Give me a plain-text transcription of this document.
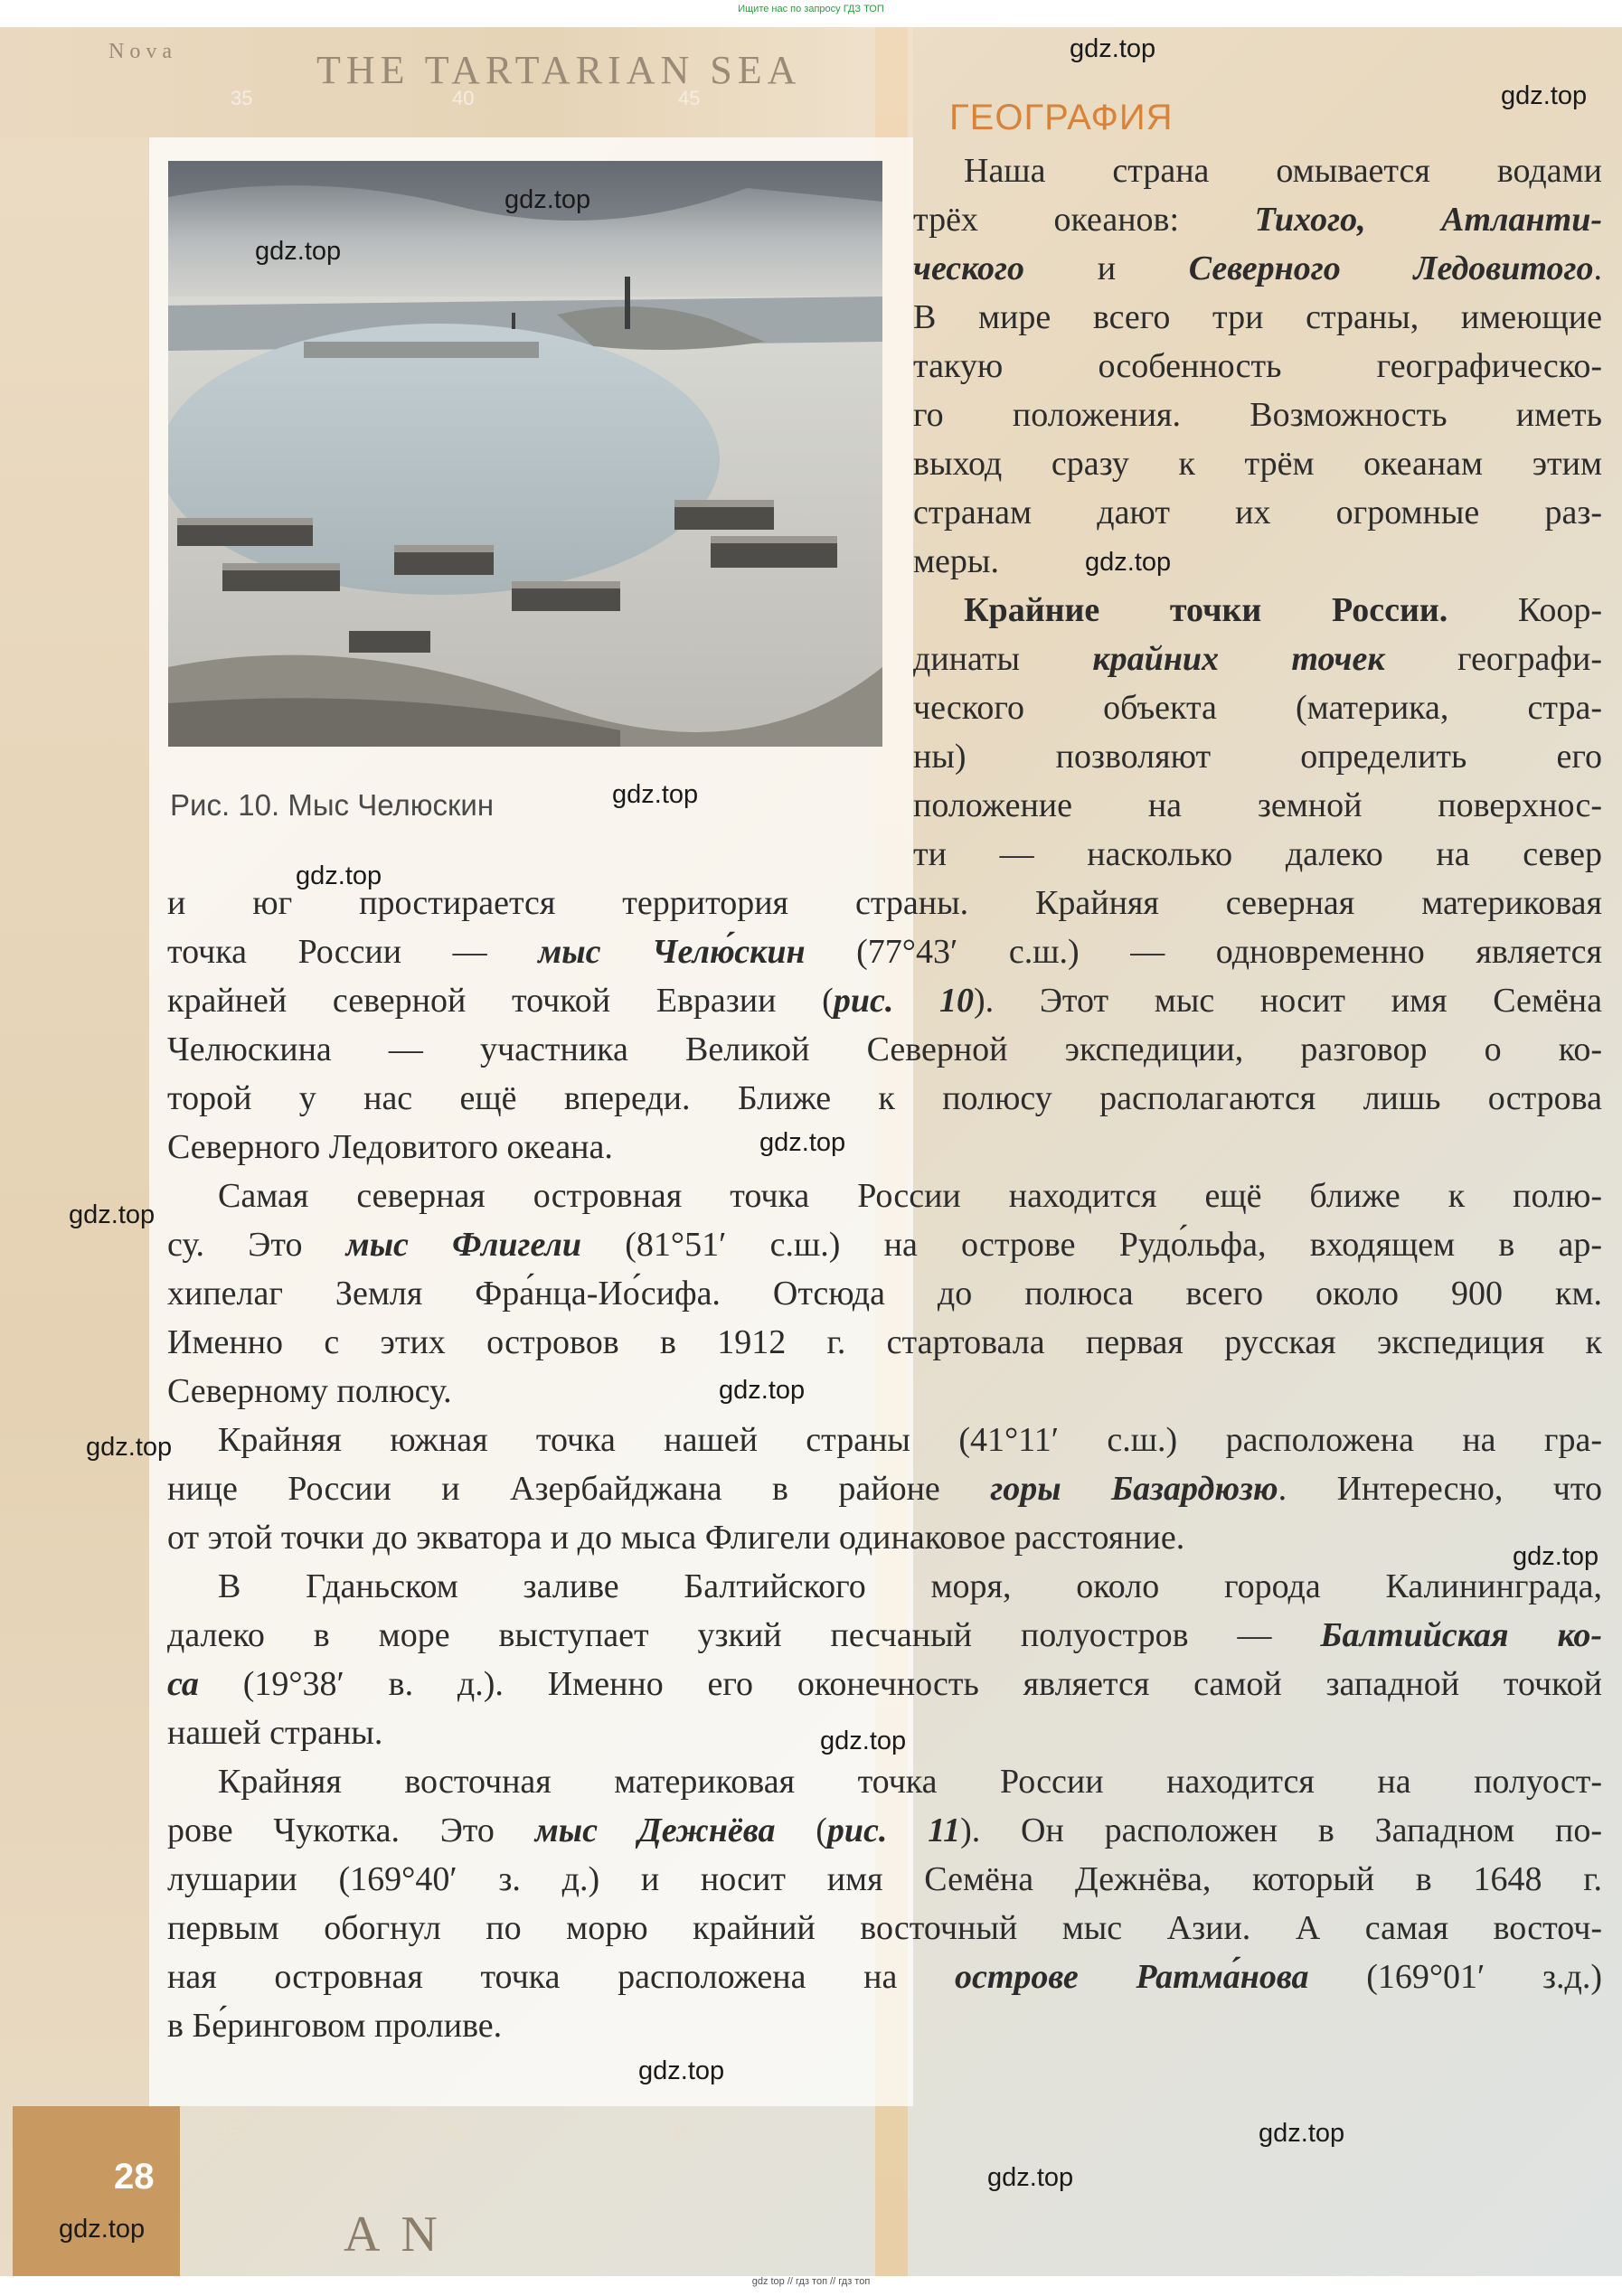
Ищите нас по запросу ГДЗ ТОП
Nova	THE TARTARIAN SEA
35	40	45
28
35	40	45
A N
ГЕОГРАФИЯ
Рис. 10. Мыс Челюскин

Наша страна омывается водами

трёх океанов: Тихого, Атланти-

ческого и Северного Ледовитого.

В мире всего три страны, имеющие

такую особенность географическо-

го положения. Возможность иметь

выход сразу к трём океанам этим

странам дают их огромные раз-

меры.

Крайние точки России. Коор-

динаты крайних точек географи-

ческого объекта (материка, стра-

ны) позволяют определить его

положение на земной поверхнос-

ти — насколько далеко на север

и юг простирается территория страны. Крайняя северная материковая

точка России — мыс Челю́скин (77°43′ с.ш.) — одновременно является

крайней северной точкой Евразии (рис. 10). Этот мыс носит имя Семёна

Челюскина — участника Великой Северной экспедиции, разговор о ко-

торой у нас ещё впереди. Ближе к полюсу располагаются лишь острова

Северного Ледовитого океана.

Самая северная островная точка России находится ещё ближе к полю-

су. Это мыс Флигели (81°51′ с.ш.) на острове Рудо́льфа, входящем в ар-

хипелаг Земля Фра́нца-Ио́сифа. Отсюда до полюса всего около 900 км.

Именно с этих островов в 1912 г. стартовала первая русская экспедиция к

Северному полюсу.

Крайняя южная точка нашей страны (41°11′ с.ш.) расположена на гра-

нице России и Азербайджана в районе горы Базардюзю. Интересно, что

от этой точки до экватора и до мыса Флигели одинаковое расстояние.

В Гданьском заливе Балтийского моря, около города Калининграда,

далеко в море выступает узкий песчаный полуостров — Балтийская ко-

са (19°38′ в. д.). Именно его оконечность является самой западной точкой

нашей страны.

Крайняя восточная материковая точка России находится на полуост-

рове Чукотка. Это мыс Дежнёва (рис. 11). Он расположен в Западном по-

лушарии (169°40′ з. д.) и носит имя Семёна Дежнёва, который в 1648 г.

первым обогнул по морю крайний восточный мыс Азии. А самая восточ-

ная островная точка расположена на острове Ратма́нова (169°01′ з.д.)

в Бе́ринговом проливе.

gdz.top
gdz.top
gdz.top
gdz.top
gdz.top
gdz.top
gdz.top
gdz.top
gdz.top
gdz.top
gdz.top
gdz.top
gdz.top
gdz.top
gdz.top
gdz.top
gdz.top
gdz top // гдз топ // гдз топ
